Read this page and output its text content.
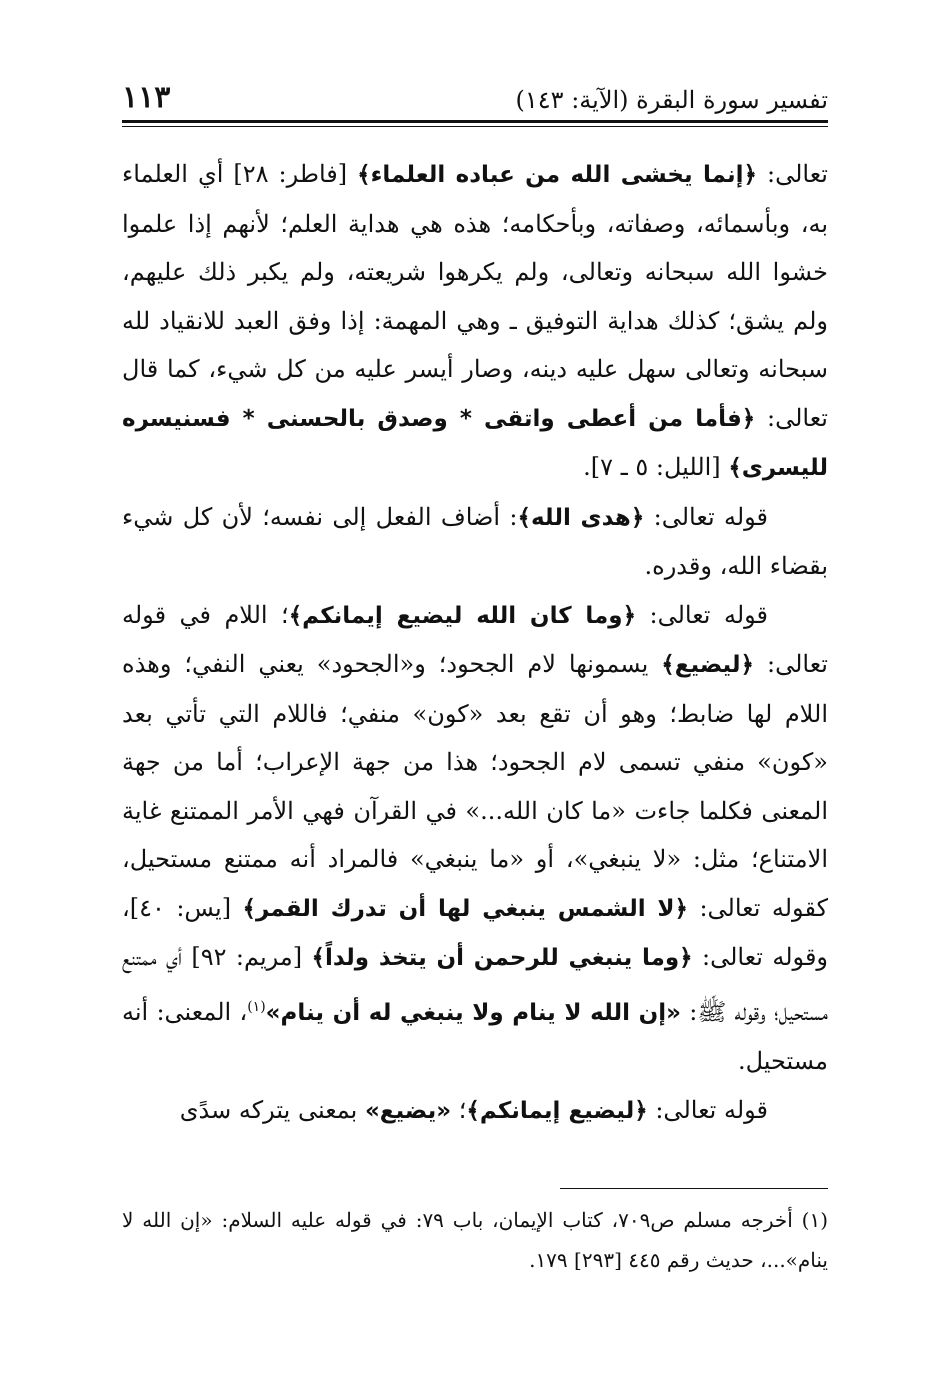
تفسير سورة البقرة (الآية: ١٤٣)
١١٣

تعالى: ﴿إنما يخشى الله من عباده العلماء﴾ [فاطر: ٢٨] أي العلماء به، وبأسمائه، وصفاته، وبأحكامه؛ هذه هي هداية العلم؛ لأنهم إذا علموا خشوا الله سبحانه وتعالى، ولم يكرهوا شريعته، ولم يكبر ذلك عليهم، ولم يشق؛ كذلك هداية التوفيق ـ وهي المهمة: إذا وفق العبد للانقياد لله سبحانه وتعالى سهل عليه دينه، وصار أيسر عليه من كل شيء، كما قال تعالى: ﴿فأما من أعطى واتقى * وصدق بالحسنى * فسنيسره لليسرى﴾ [الليل: ٥ ـ ٧].

قوله تعالى: ﴿هدى الله﴾: أضاف الفعل إلى نفسه؛ لأن كل شيء بقضاء الله، وقدره.

قوله تعالى: ﴿وما كان الله ليضيع إيمانكم﴾؛ اللام في قوله تعالى: ﴿ليضيع﴾ يسمونها لام الجحود؛ و«الجحود» يعني النفي؛ وهذه اللام لها ضابط؛ وهو أن تقع بعد «كون» منفي؛ فاللام التي تأتي بعد «كون» منفي تسمى لام الجحود؛ هذا من جهة الإعراب؛ أما من جهة المعنى فكلما جاءت «ما كان الله...» في القرآن فهي الأمر الممتنع غاية الامتناع؛ مثل: «لا ينبغي»، أو «ما ينبغي» فالمراد أنه ممتنع مستحيل، كقوله تعالى: ﴿لا الشمس ينبغي لها أن تدرك القمر﴾ [يس: ٤٠]، وقوله تعالى: ﴿وما ينبغي للرحمن أن يتخذ ولداً﴾ [مريم: ٩٢] أي ممتنع مستحيل؛ وقوله ﷺ: «إن الله لا ينام ولا ينبغي له أن ينام»$^{(١)}$، المعنى: أنه مستحيل.

قوله تعالى: ﴿ليضيع إيمانكم﴾؛ «يضيع» بمعنى يتركه سدًى

(١) أخرجه مسلم ص٧٠٩، كتاب الإيمان، باب ٧٩: في قوله عليه السلام: «إن الله لا ينام»...، حديث رقم ٤٤٥ [٢٩٣] ١٧٩.
